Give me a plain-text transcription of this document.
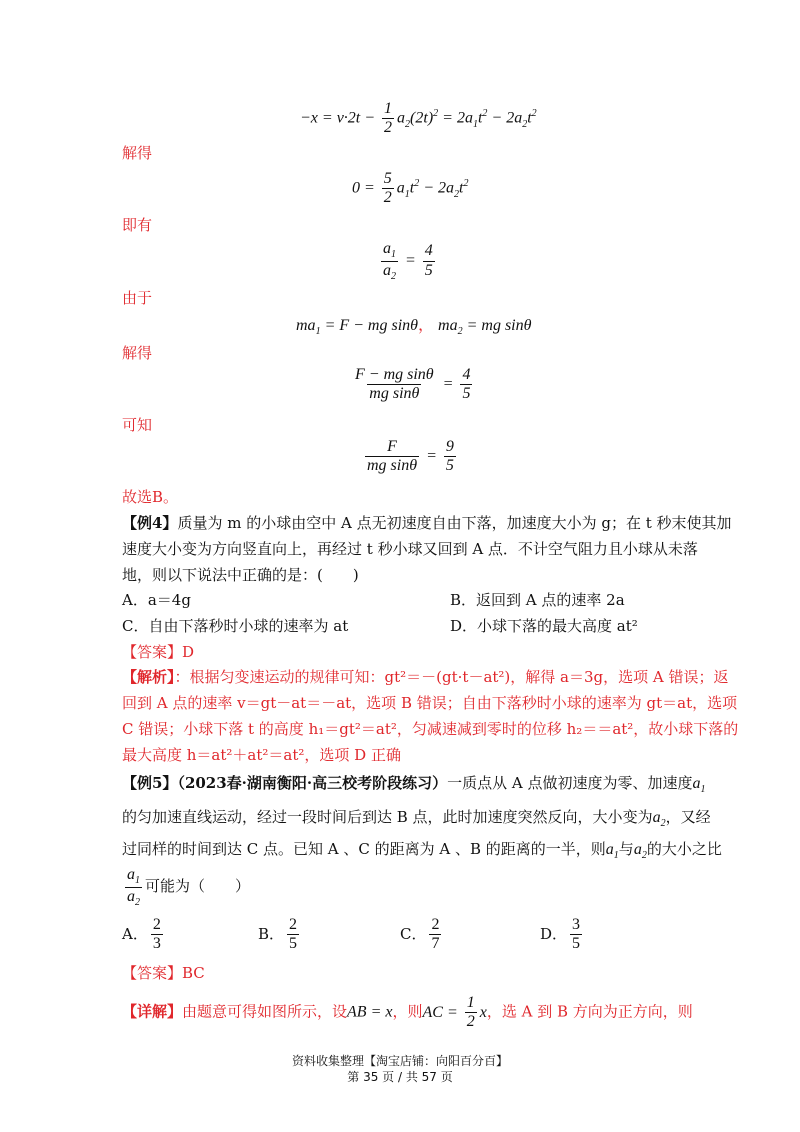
$-x = v\cdot 2t - \frac{1}{2} a_2(2t)^2 = 2a_1t^2 - 2a_2t^2$
解得
$0 = \frac{5}{2} a_1t^2 - 2a_2t^2$
即有
$\frac{a_1}{a_2} = \frac{4}{5}$
由于
$ma_1 = F$ − mg sinθ， $ma_2$ = mg sinθ
解得
$\frac{\text{F − mg sinθ}}{\text{mg sinθ}} = \frac{4}{5}$
可知
$\frac{F}{\text{mg sinθ}} = \frac{9}{5}$
故选B。
【例4】质量为 m 的小球由空中 A 点无初速度自由下落，加速度大小为 g；在 t 秒末使其加
速度大小变为方向竖直向上，再经过 t 秒小球又回到 A 点．不计空气阻力且小球从未落
地，则以下说法中正确的是：(　　)
A．a＝4g	B．返回到 A 点的速率 2a
C．自由下落秒时小球的速率为 at	D．小球下落的最大高度 at²
【答案】D
【解析】：根据匀变速运动的规律可知：gt²＝－(gt·t－at²)，解得 a＝3g，选项 A 错误；返
回到 A 点的速率 v＝gt－at＝－at，选项 B 错误；自由下落秒时小球的速率为 gt＝at，选项
C 错误；小球下落 t 的高度 h₁＝gt²＝at²，匀减速减到零时的位移 h₂＝＝at²，故小球下落的
最大高度 h＝at²＋at²＝at²，选项 D 正确
【例5】（2023春·湖南衡阳·高三校考阶段练习）一质点从 A 点做初速度为零、加速度$a_1$
的匀加速直线运动，经过一段时间后到达 B 点，此时加速度突然反向，大小变为$a_2$，又经
过同样的时间到达 C 点。已知 A 、C 的距离为 A 、B 的距离的一半，则$a_1$与$a_2$的大小之比
$\frac{a_1}{a_2}$ 可能为（　　）
A． $\frac{2}{3}$	B． $\frac{2}{5}$	C． $\frac{2}{7}$	D． $\frac{3}{5}$
【答案】BC
【详解】由题意可得如图所示，设AB = x，则AC = $\frac{1}{2}$ x，选 A 到 B 方向为正方向，则
资料收集整理【淘宝店铺：向阳百分百】
第 35 页 / 共 57 页
